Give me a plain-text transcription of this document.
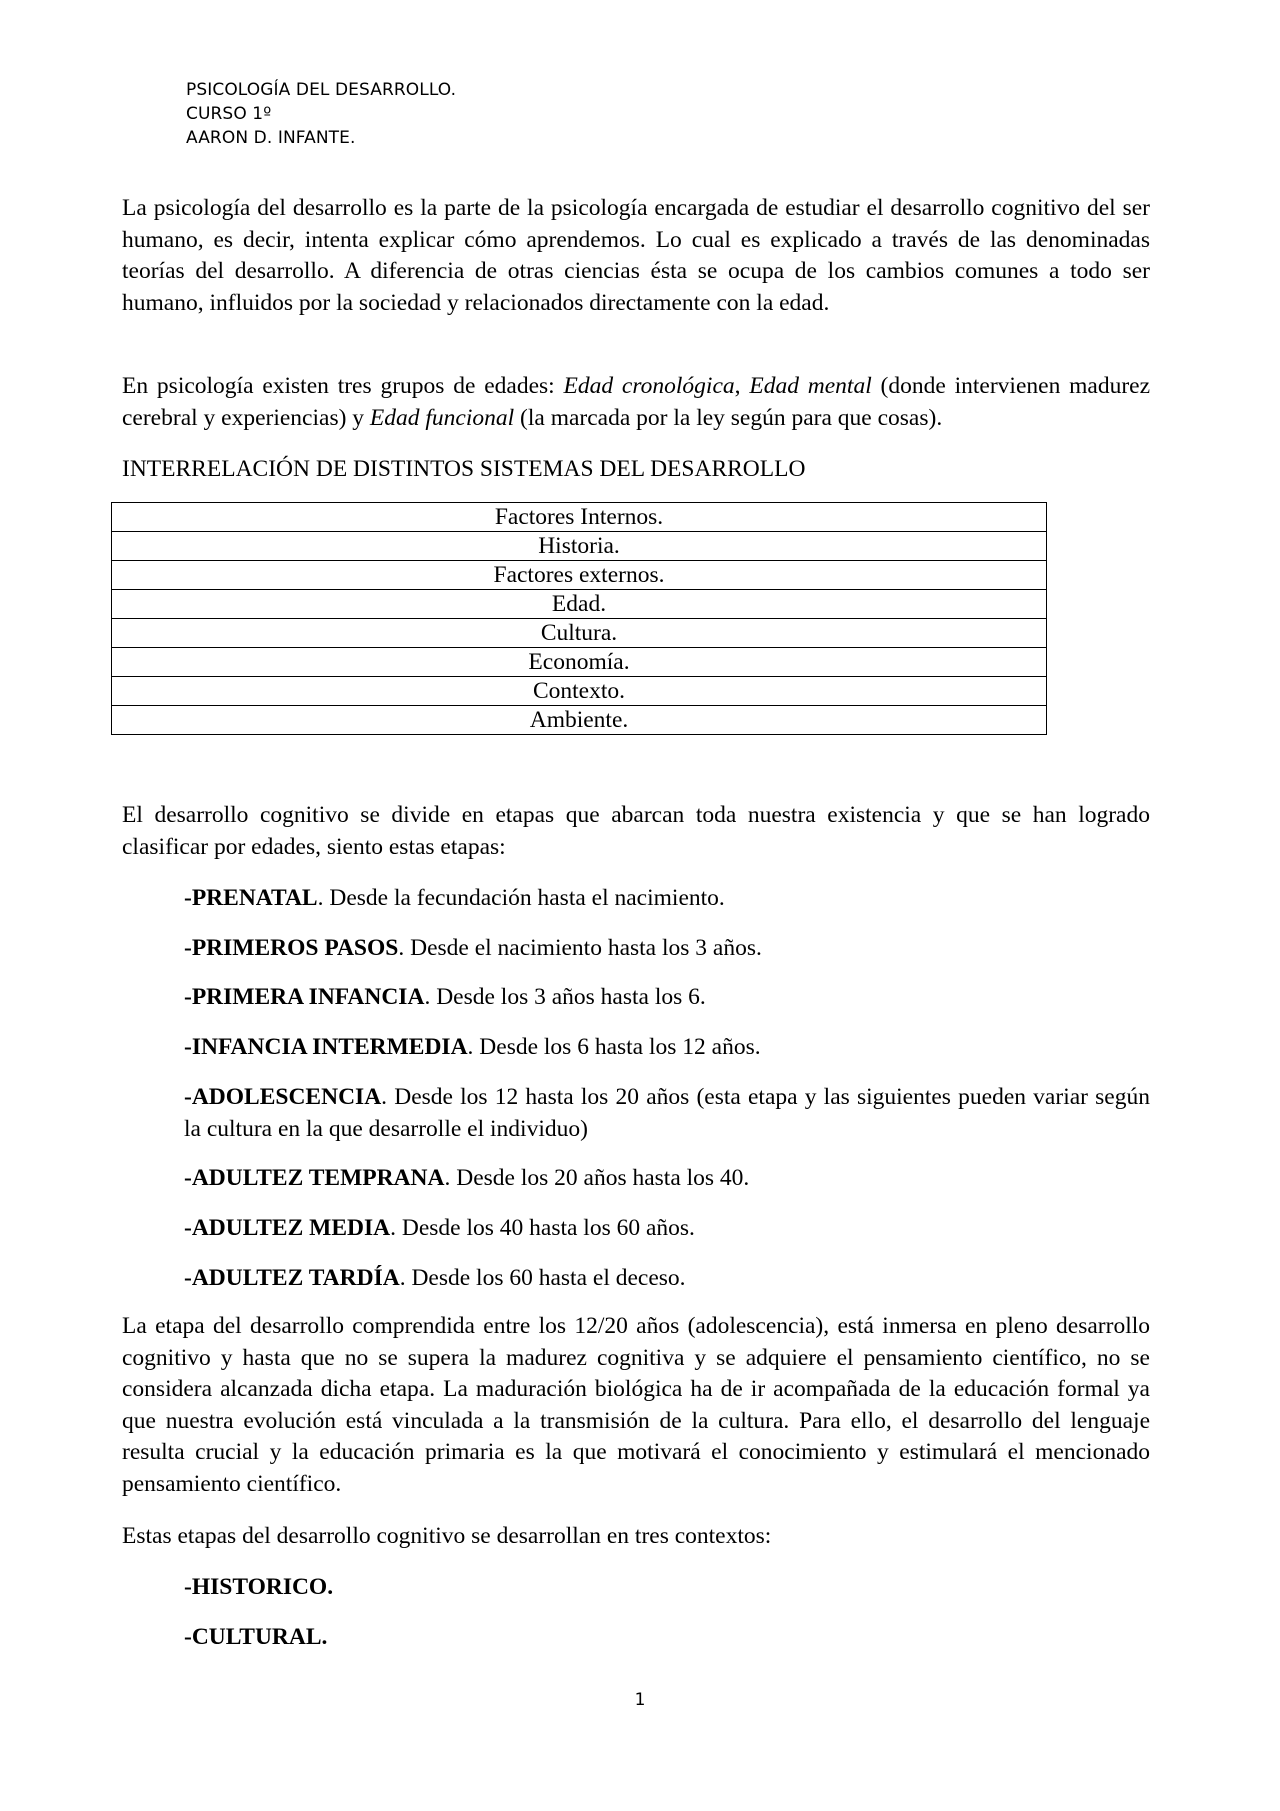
PSICOLOGÍA DEL DESARROLLO.
CURSO 1º
AARON D. INFANTE.

La psicología del desarrollo es la parte de la psicología encargada de estudiar el desarrollo cognitivo del ser humano, es decir, intenta explicar cómo aprendemos. Lo cual es explicado a través de las denominadas teorías del desarrollo. A diferencia de otras ciencias ésta se ocupa de los cambios comunes a todo ser humano, influidos por la sociedad y relacionados directamente con la edad.

En psicología existen tres grupos de edades: Edad cronológica, Edad mental (donde intervienen madurez cerebral y experiencias) y Edad funcional (la marcada por la ley según para que cosas).

INTERRELACIÓN DE DISTINTOS SISTEMAS DEL DESARROLLO
Factores Internos.
Historia.
Factores externos.
Edad.
Cultura.
Economía.
Contexto.
Ambiente.

El desarrollo cognitivo se divide en etapas que abarcan toda nuestra existencia y que se han logrado clasificar por edades, siento estas etapas:

-PRENATAL. Desde la fecundación hasta el nacimiento.

-PRIMEROS PASOS. Desde el nacimiento hasta los 3 años.

-PRIMERA INFANCIA. Desde los 3 años hasta los 6.

-INFANCIA INTERMEDIA. Desde los 6 hasta los 12 años.

-ADOLESCENCIA. Desde los 12 hasta los 20 años (esta etapa y las siguientes pueden variar según la cultura en la que desarrolle el individuo)

-ADULTEZ TEMPRANA. Desde los 20 años hasta los 40.

-ADULTEZ MEDIA. Desde los 40 hasta los 60 años.

-ADULTEZ TARDÍA. Desde los 60 hasta el deceso.

La etapa del desarrollo comprendida entre los 12/20 años (adolescencia), está inmersa en pleno desarrollo cognitivo y hasta que no se supera la madurez cognitiva y se adquiere el pensamiento científico, no se considera alcanzada dicha etapa. La maduración biológica ha de ir acompañada de la educación formal ya que nuestra evolución está vinculada a la transmisión de la cultura. Para ello, el desarrollo del lenguaje resulta crucial y la educación primaria es la que motivará el conocimiento y estimulará el mencionado pensamiento científico.

Estas etapas del desarrollo cognitivo se desarrollan en tres contextos:

-HISTORICO.

-CULTURAL.

1
